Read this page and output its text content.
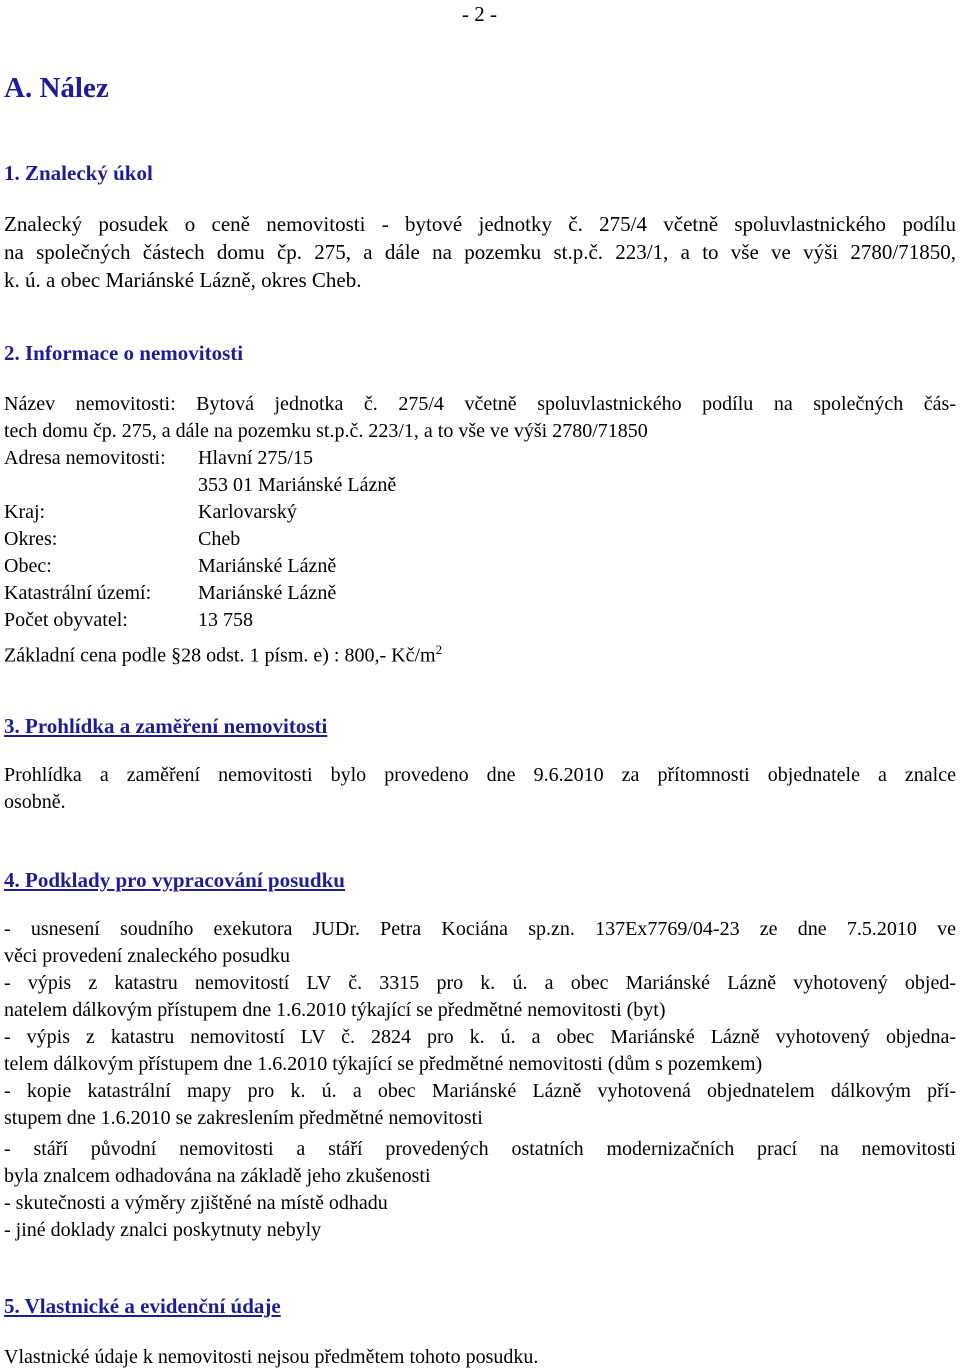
- 2 -
A. Nález
1. Znalecký úkol
Znalecký posudek o ceně nemovitosti - bytové jednotky č. 275/4 včetně spoluvlastnického podílu
na společných částech domu čp. 275, a dále na pozemku st.p.č. 223/1, a to vše ve výši 2780/71850,
k. ú. a obec Mariánské Lázně, okres Cheb.
2. Informace o nemovitosti
Název nemovitosti: Bytová jednotka č. 275/4 včetně spoluvlastnického podílu na společných čás-
tech domu čp. 275, a dále na pozemku st.p.č. 223/1, a to vše ve výši 2780/71850
Adresa nemovitosti: Hlavní 275/15
353 01 Mariánské Lázně
Kraj:	Karlovarský
Okres:	Cheb
Obec:	Mariánské Lázně
Katastrální území: Mariánské Lázně
Počet obyvatel:	13 758
Základní cena podle §28 odst. 1 písm. e) : 800,- $Kč/m^2$
3. Prohlídka a zaměření nemovitosti
Prohlídka a zaměření nemovitosti bylo provedeno dne 9.6.2010 za přítomnosti objednatele a znalce
osobně.
4. Podklady pro vypracování posudku
- usnesení soudního exekutora JUDr. Petra Kociána sp.zn. 137Ex7769/04-23 ze dne 7.5.2010 ve
věci provedení znaleckého posudku
- výpis z katastru nemovitostí LV č. 3315 pro k. ú. a obec Mariánské Lázně vyhotovený objed-
natelem dálkovým přístupem dne 1.6.2010 týkající se předmětné nemovitosti (byt)
- výpis z katastru nemovitostí LV č. 2824 pro k. ú. a obec Mariánské Lázně vyhotovený objedna-
telem dálkovým přístupem dne 1.6.2010 týkající se předmětné nemovitosti (dům s pozemkem)
- kopie katastrální mapy pro k. ú. a obec Mariánské Lázně vyhotovená objednatelem dálkovým pří-
stupem dne 1.6.2010 se zakreslením předmětné nemovitosti
- stáří původní nemovitosti a stáří provedených ostatních modernizačních prací na nemovitosti
byla znalcem odhadována na základě jeho zkušenosti
- skutečnosti a výměry zjištěné na místě odhadu
- jiné doklady znalci poskytnuty nebyly
5. Vlastnické a evidenční údaje
Vlastnické údaje k nemovitosti nejsou předmětem tohoto posudku.
